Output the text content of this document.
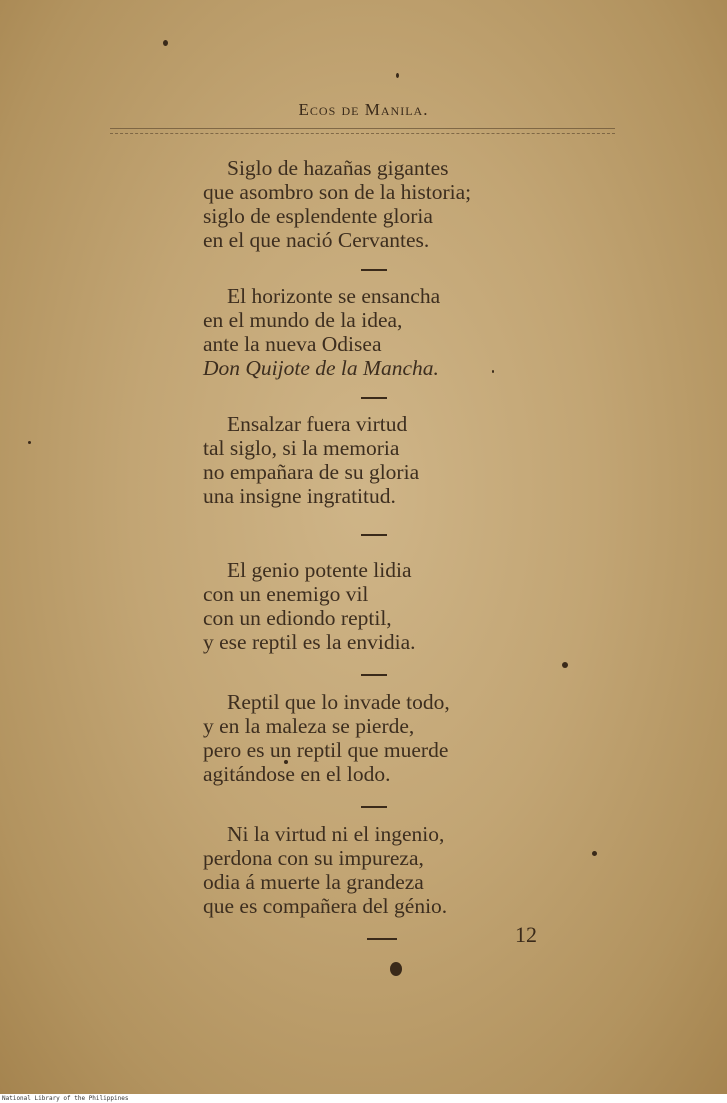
Ecos de Manila.
Siglo de hazañas gigantes
que asombro son de la historia;
siglo de esplendente gloria
en el que nació Cervantes.
El horizonte se ensancha
en el mundo de la idea,
ante la nueva Odisea
Don Quijote de la Mancha.
Ensalzar fuera virtud
tal siglo, si la memoria
no empañara de su gloria
una insigne ingratitud.
El genio potente lidia
con un enemigo vil
con un ediondo reptil,
y ese reptil es la envidia.
Reptil que lo invade todo,
y en la maleza se pierde,
pero es un reptil que muerde
agitándose en el lodo.
Ni la virtud ni el ingenio,
perdona con su impureza,
odia á muerte la grandeza
que es compañera del génio.
12
National Library of the Philippines
